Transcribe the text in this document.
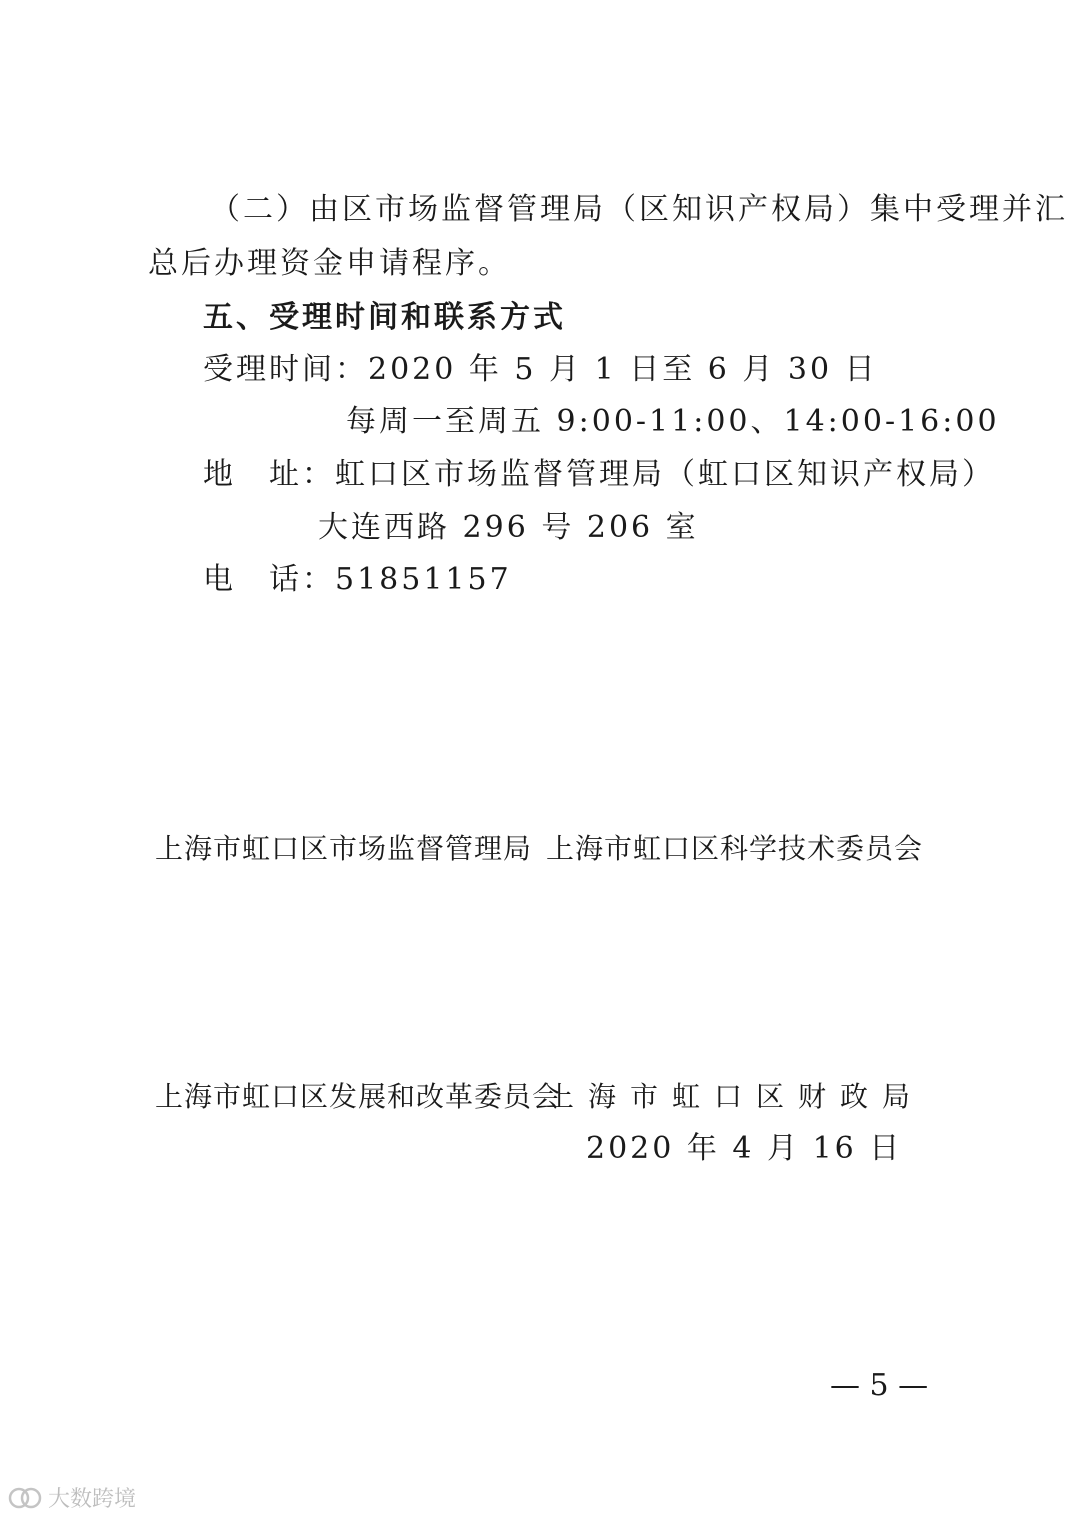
（二）由区市场监督管理局（区知识产权局）集中受理并汇
总后办理资金申请程序。
五、受理时间和联系方式
受理时间：2020 年 5 月 1 日至 6 月 30 日
每周一至周五 9:00-11:00、14:00-16:00
地　址：虹口区市场监督管理局（虹口区知识产权局）
大连西路 296 号 206 室
电　话：51851157
上海市虹口区市场监督管理局 上海市虹口区科学技术委员会
上海市虹口区发展和改革委员会
上海市虹口区财政局
2020 年 4 月 16 日
— 5 —
大数跨境
